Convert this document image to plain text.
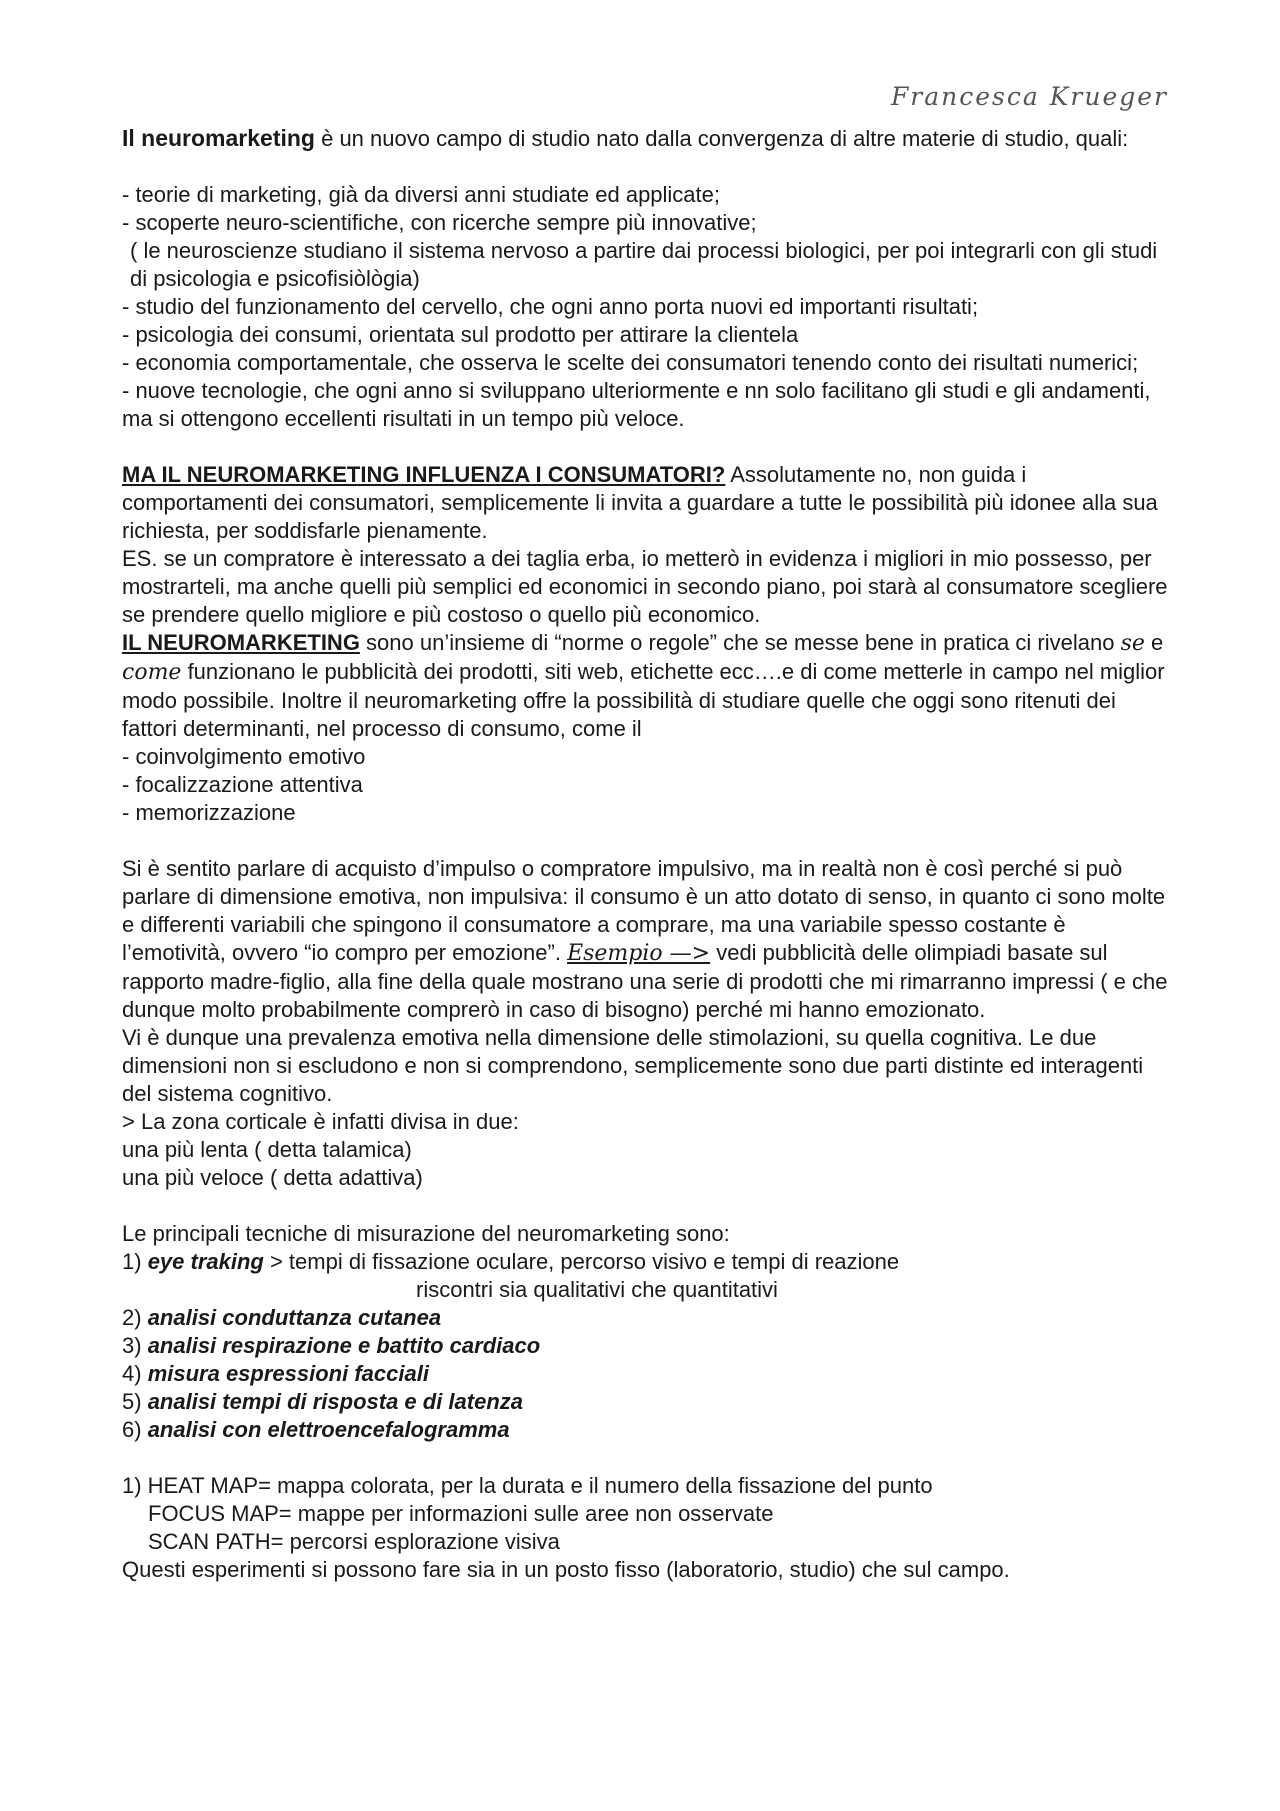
Francesca Krueger

Il neuromarketing è un nuovo campo di studio nato dalla convergenza di altre materie di studio, quali:

- teorie di marketing, già da diversi anni studiate ed applicate;

- scoperte neuro-scientifiche, con ricerche sempre più innovative;

( le neuroscienze studiano il sistema nervoso a partire dai processi biologici, per poi integrarli con gli studi di psicologia e psicofisiòlògia)

- studio del funzionamento del cervello, che ogni anno porta nuovi ed importanti risultati;

- psicologia dei consumi, orientata sul prodotto per attirare la clientela

- economia comportamentale, che osserva le scelte dei consumatori tenendo conto dei risultati numerici;

- nuove tecnologie, che ogni anno si sviluppano ulteriormente e nn solo facilitano gli studi e gli andamenti, ma si ottengono eccellenti risultati in un tempo più veloce.

MA IL NEUROMARKETING INFLUENZA I CONSUMATORI? Assolutamente no, non guida i comportamenti dei consumatori, semplicemente li invita a guardare a tutte le possibilità più idonee alla sua richiesta, per soddisfarle pienamente.

ES. se un compratore è interessato a dei taglia erba, io metterò in evidenza i migliori in mio possesso, per mostrarteli, ma anche quelli più semplici ed economici in secondo piano, poi starà al consumatore scegliere se prendere quello migliore e più costoso o quello più economico.

IL NEUROMARKETING sono un’insieme di “norme o regole” che se messe bene in pratica ci rivelano se e come funzionano le pubblicità dei prodotti, siti web, etichette ecc….e di come metterle in campo nel miglior modo possibile. Inoltre il neuromarketing offre la possibilità di studiare quelle che oggi sono ritenuti dei fattori determinanti, nel processo di consumo, come il

- coinvolgimento emotivo

- focalizzazione attentiva

- memorizzazione

Si è sentito parlare di acquisto d’impulso o compratore impulsivo, ma in realtà non è così perché si può parlare di dimensione emotiva, non impulsiva: il consumo è un atto dotato di senso, in quanto ci sono molte e differenti variabili che spingono il consumatore a comprare, ma una variabile spesso costante è l’emotività, ovvero “io compro per emozione”. Esempio —> vedi pubblicità delle olimpiadi basate sul rapporto madre-figlio, alla fine della quale mostrano una serie di prodotti che mi rimarranno impressi ( e che dunque molto probabilmente comprerò in caso di bisogno) perché mi hanno emozionato.

Vi è dunque una prevalenza emotiva nella dimensione delle stimolazioni, su quella cognitiva. Le due dimensioni non si escludono e non si comprendono, semplicemente sono due parti distinte ed interagenti del sistema cognitivo.

> La zona corticale è infatti divisa in due:

una più lenta ( detta talamica)

una più veloce ( detta adattiva)

Le principali tecniche di misurazione del neuromarketing sono:

1) eye traking > tempi di fissazione oculare, percorso visivo e tempi di reazione

riscontri sia qualitativi che quantitativi

2) analisi conduttanza cutanea

3) analisi respirazione e battito cardiaco

4) misura espressioni facciali

5) analisi tempi di risposta e di latenza

6) analisi con elettroencefalogramma

1) HEAT MAP= mappa colorata, per la durata e il numero della fissazione del punto

FOCUS MAP= mappe per informazioni sulle aree non osservate

SCAN PATH= percorsi esplorazione visiva

Questi esperimenti si possono fare sia in un posto fisso (laboratorio, studio) che sul campo.
